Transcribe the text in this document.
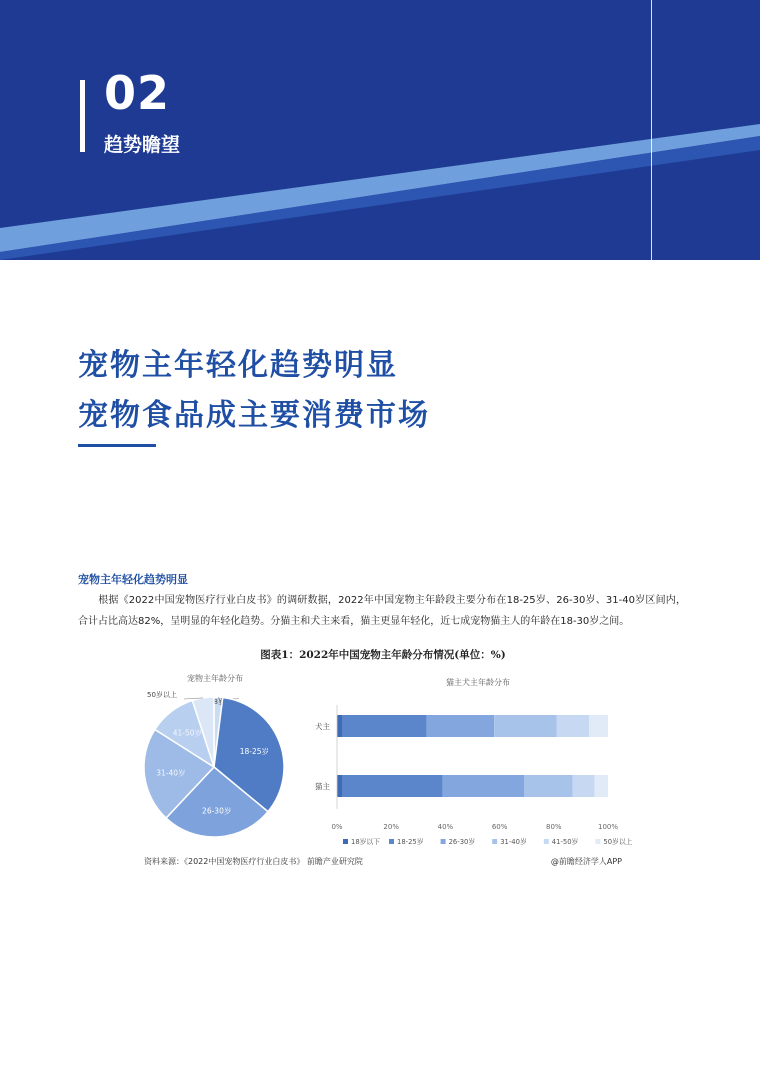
02
趋势瞻望
宠物主年轻化趋势明显
宠物食品成主要消费市场
宠物主年轻化趋势明显
根据《2022中国宠物医疗行业白皮书》的调研数据，2022年中国宠物主年龄段主要分布在18-25岁、26-30岁、31-40岁区间内，合计占比高达82%，呈明显的年轻化趋势。分猫主和犬主来看，猫主更显年轻化，近七成宠物猫主人的年龄在18-30岁之间。
宠物主年龄分布
18-25岁
26-30岁
31-40岁
41-50岁
50岁以上
猫主犬主年龄分布
犬主
猫主
0%	20%	40%	60%	80%	100%
18岁以下 18-25岁	26-30岁	31-40岁	41-50岁	50岁以上
图表1：2022年中国宠物主年龄分布情况(单位：%)
资料来源：《2022中国宠物医疗行业白皮书》 前瞻产业研究院	@前瞻经济学人APP
